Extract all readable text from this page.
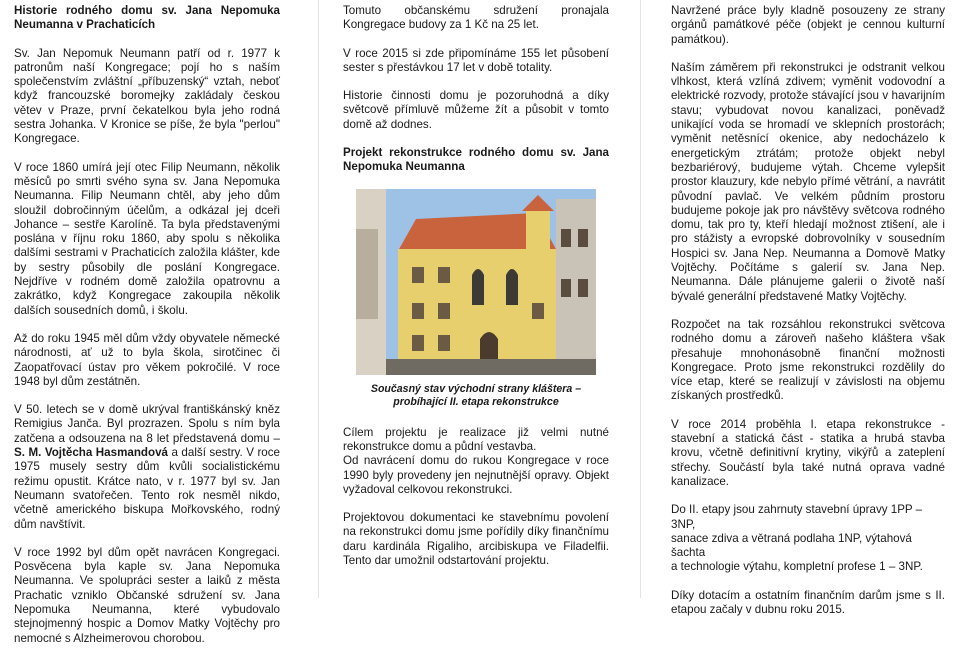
Historie rodného domu sv. Jana Nepomuka Neumanna v Prachaticích

Sv. Jan Nepomuk Neumann patří od r. 1977 k patronům naší Kongregace; pojí ho s naším společenstvím zvláštní „příbuzenský“ vztah, neboť když francouzské boromejky zakládaly českou větev v Praze, první čekatelkou byla jeho rodná sestra Johanka. V Kronice se píše, že byla "perlou" Kongregace.

V roce 1860 umírá její otec Filip Neumann, několik měsíců po smrti svého syna sv. Jana Nepomuka Neumanna. Filip Neumann chtěl, aby jeho dům sloužil dobročinným účelům, a odkázal jej dceři Johance – sestře Karolíně. Ta byla představenými poslána v říjnu roku 1860, aby spolu s několika dalšími sestrami v Prachaticích založila klášter, kde by sestry působily dle poslání Kongregace. Nejdříve v rodném domě založila opatrovnu a zakrátko, když Kongregace zakoupila několik dalších sousedních domů, i školu.

Až do roku 1945 měl dům vždy obyvatele německé národnosti, ať už to byla škola, sirotčinec či Zaopatřovací ústav pro věkem pokročilé. V roce 1948 byl dům zestátněn.

V 50. letech se v domě ukrýval františkánský kněz Remigius Janča. Byl prozrazen. Spolu s ním byla zatčena a odsouzena na 8 let představená domu – S. M. Vojtěcha Hasmandová a další sestry. V roce 1975 musely sestry dům kvůli socialistickému režimu opustit. Krátce nato, v r. 1977 byl sv. Jan Neumann svatořečen. Tento rok nesměl nikdo, včetně amerického biskupa Mořkovského, rodný dům navštívit.

V roce 1992 byl dům opět navrácen Kongregaci. Posvěcena byla kaple sv. Jana Nepomuka Neumanna. Ve spolupráci sester a laiků z města Prachatic vzniklo Občanské sdružení sv. Jana Nepomuka Neumanna, které vybudovalo stejnojmenný hospic a Domov Matky Vojtěchy pro nemocné s Alzheimerovou chorobou.

Tomuto občanskému sdružení pronajala Kongregace budovy za 1 Kč na 25 let.

V roce 2015 si zde připomínáme 155 let působení sester s přestávkou 17 let v době totality.

Historie činnosti domu je pozoruhodná a díky světcově přímluvě můžeme žít a působit v tomto domě až dodnes.

Projekt rekonstrukce rodného domu sv. Jana Nepomuka Neumanna

Současný stav východní strany kláštera –
probíhající II. etapa rekonstrukce

Cílem projektu je realizace již velmi nutné rekonstrukce domu a půdní vestavba.

Od navrácení domu do rukou Kongregace v roce 1990 byly provedeny jen nejnutnější opravy. Objekt vyžadoval celkovou rekonstrukci.

Projektovou dokumentaci ke stavebnímu povolení na rekonstrukci domu jsme pořídily díky finančnímu daru kardinála Rigaliho, arcibiskupa ve Filadelfii. Tento dar umožnil odstartování projektu.

Navržené práce byly kladně posouzeny ze strany orgánů památkové péče (objekt je cennou kulturní památkou).

Naším záměrem při rekonstrukci je odstranit velkou vlhkost, která vzlíná zdivem; vyměnit vodovodní a elektrické rozvody, protože stávající jsou v havarijním stavu; vybudovat novou kanalizaci, poněvadž unikající voda se hromadí ve sklepních prostorách; vyměnit netěsnící okenice, aby nedocházelo k energetickým ztrátám; protože objekt nebyl bezbariérový, budujeme výtah. Chceme vylepšit prostor klauzury, kde nebylo přímé větrání, a navrátit původní pavlač. Ve velkém půdním prostoru budujeme pokoje jak pro návštěvy světcova rodného domu, tak pro ty, kteří hledají možnost ztišení, ale i pro stážisty a evropské dobrovolníky v sousedním Hospici sv. Jana Nep. Neumanna a Domově Matky Vojtěchy. Počítáme s galerií sv. Jana Nep. Neumanna. Dále plánujeme galerii o životě naší bývalé generální představené Matky Vojtěchy.

Rozpočet na tak rozsáhlou rekonstrukci světcova rodného domu a zároveň našeho kláštera však přesahuje mnohonásobně finanční možnosti Kongregace. Proto jsme rekonstrukci rozdělily do více etap, které se realizují v závislosti na objemu získaných prostředků.

V roce 2014 proběhla I. etapa rekonstrukce - stavební a statická část - statika a hrubá stavba krovu, včetně definitivní krytiny, vikýřů a zateplení střechy. Součástí byla také nutná oprava vadné kanalizace.

Do II. etapy jsou zahrnuty stavební úpravy 1PP – 3NP,
sanace zdiva a větraná podlaha 1NP, výtahová šachta
a technologie výtahu, kompletní profese 1 – 3NP.

Díky dotacím a ostatním finančním darům jsme s II. etapou začaly v dubnu roku 2015.
